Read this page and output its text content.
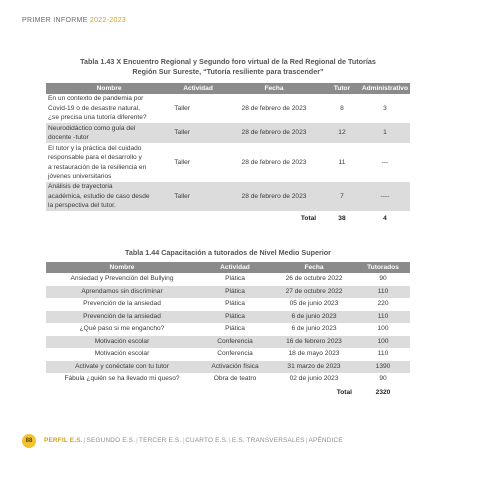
PRIMER INFORME 2022-2023
Tabla 1.43 X Encuentro Regional y Segundo foro virtual de la Red Regional de Tutorías
Región Sur Sureste, “Tutoría resiliente para trascender”
Nombre	Actividad	Fecha	Tutor	Administrativo

En un contexto de pandemia por
Covid-19 o de desastre natural,
¿se precisa una tutoría diferente?	Taller	28 de febrero de 2023	8	3

Neurodidáctico como guía del
docente -tutor	Taller	28 de febrero de 2023	12	1

El tutor y la práctica del cuidado
responsable para el desarrollo y
a restauración de la resiliencia en
jóvenes universitarios	Taller	28 de febrero de 2023	11	---

Análisis de trayectoria
académica, estudio de caso desde
la perspectiva del tutor.	Taller	28 de febrero de 2023	7	----
		Total	38	4
Tabla 1.44 Capacitación a tutorados de Nivel Medio Superior
Nombre	Actividad	Fecha	Tutorados
Ansiedad y Prevención del Bullying	Plática	26 de octubre 2022	90
Aprendamos sin discriminar	Plática	27 de octubre 2022	110
Prevención de la ansiedad	Plática	05 de junio 2023	220
Prevención de la ansiedad	Plática	6 de junio 2023	110
¿Qué paso si me engancho?	Plática	6 de junio 2023	100
Motivación escolar	Conferencia	16 de febrero 2023	100
Motivación escolar	Conferencia	18 de mayo 2023	110
Activate y conéctate con tu tutor	Activación física	31 marzo de 2023	1390
Fábula ¿quién se ha llevado mi queso?	Obra de teatro	02 de junio 2023	90
		Total	2320
88	PERFIL E.S.|SEGUNDO E.S.|TERCER E.S.|CUARTO E.S.|E.S. TRANSVERSALES|APÉNDICE
